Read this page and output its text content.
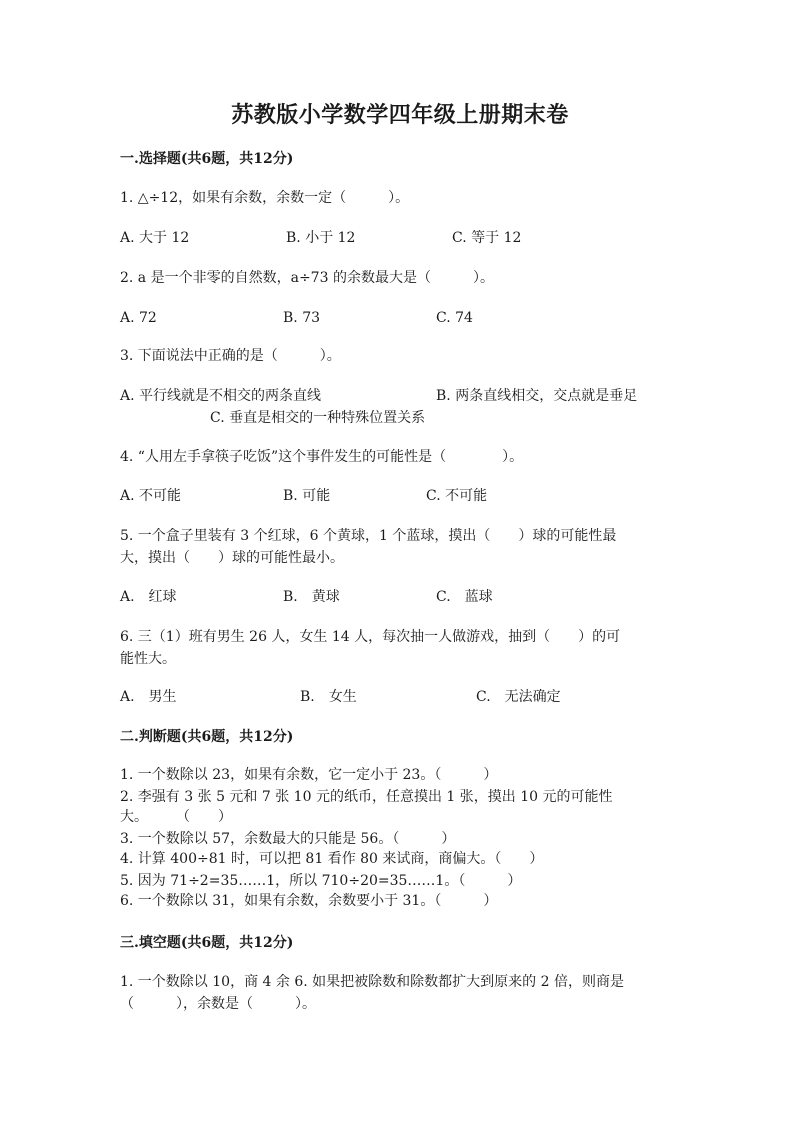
苏教版小学数学四年级上册期末卷
一.选择题(共6题，共12分)
1. △÷12，如果有余数，余数一定（　　　）。
A. 大于 12	B. 小于 12	C. 等于 12
2. a 是一个非零的自然数，a÷73 的余数最大是（　　　）。
A. 72	B. 73	C. 74
3. 下面说法中正确的是（　　　）。
A. 平行线就是不相交的两条直线	B. 两条直线相交，交点就是垂足
C. 垂直是相交的一种特殊位置关系
4. “人用左手拿筷子吃饭”这个事件发生的可能性是（　　　　）。
A. 不可能	B. 可能	C. 不可能
5. 一个盒子里装有 3 个红球，6 个黄球，1 个蓝球，摸出（　　）球的可能性最
大，摸出（　　）球的可能性最小。
A.　红球	B.　黄球	C.　蓝球
6. 三（1）班有男生 26 人，女生 14 人，每次抽一人做游戏，抽到（　　）的可
能性大。
A.　男生	B.　女生	C.　无法确定
二.判断题(共6题，共12分)
1. 一个数除以 23，如果有余数，它一定小于 23。（　　　）
2. 李强有 3 张 5 元和 7 张 10 元的纸币，任意摸出 1 张，摸出 10 元的可能性
大。　　　（　　）
3. 一个数除以 57，余数最大的只能是 56。（　　　）
4. 计算 400÷81 时，可以把 81 看作 80 来试商，商偏大。（　　）
5. 因为 71÷2=35……1，所以 710÷20=35……1。（　　　）
6. 一个数除以 31，如果有余数，余数要小于 31。（　　　）
三.填空题(共6题，共12分)
1. 一个数除以 10，商 4 余 6. 如果把被除数和除数都扩大到原来的 2 倍，则商是
（　　　），余数是（　　　）。
